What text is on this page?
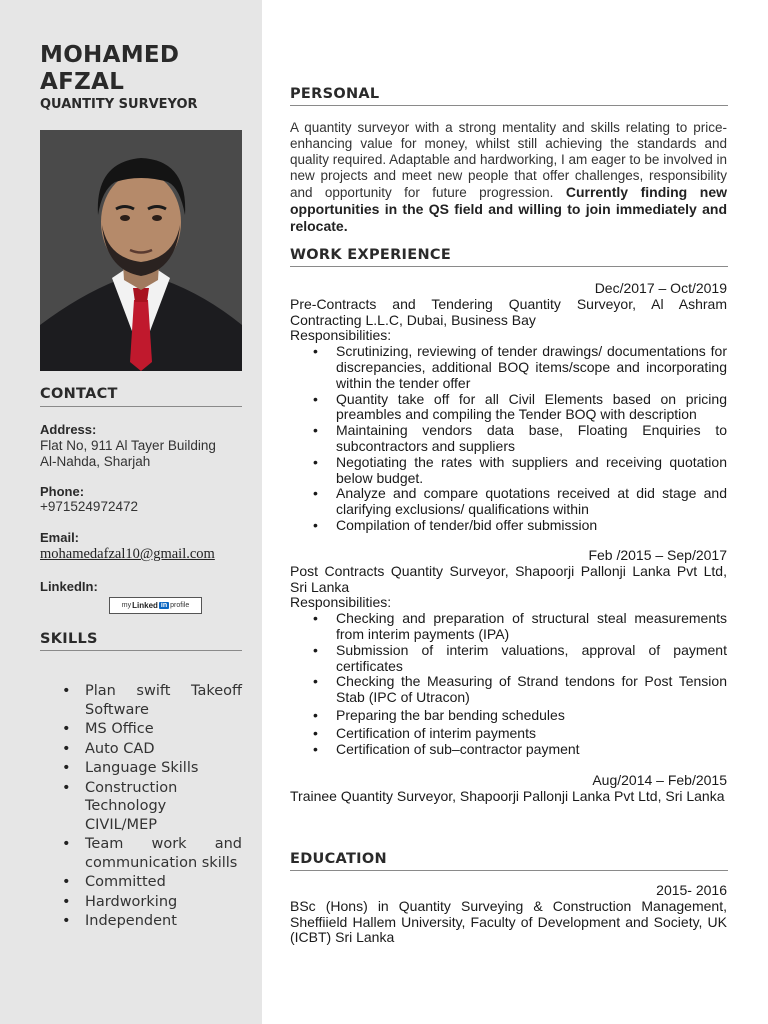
MOHAMED
AFZAL
QUANTITY SURVEYOR
CONTACT
Address:
Flat No, 911 Al Tayer Building
Al-Nahda, Sharjah
Phone:
+971524972472
Email:
mohamedafzal10@gmail.com
LinkedIn:
my Linked in profile
SKILLS
• Plan swift Takeoff Software
• MS Office
• Auto CAD
• Language Skills
• Construction Technology CIVIL/MEP
• Team work and communication skills
• Committed
• Hardworking
• Independent
PERSONAL
A quantity surveyor with a strong mentality and skills relating to price-enhancing value for money, whilst still achieving the standards and quality required. Adaptable and hardworking, I am eager to be involved in new projects and meet new people that offer challenges, responsibility and opportunity for future progression. Currently finding new opportunities in the QS field and willing to join immediately and relocate.
WORK EXPERIENCE
Dec/2017 – Oct/2019
Pre-Contracts and Tendering Quantity Surveyor, Al Ashram Contracting L.L.C, Dubai, Business Bay
Responsibilities:
• Scrutinizing, reviewing of tender drawings/ documentations for discrepancies, additional BOQ items/scope and incorporating within the tender offer
• Quantity take off for all Civil Elements based on pricing preambles and compiling the Tender BOQ with description
• Maintaining vendors data base, Floating Enquiries to subcontractors and suppliers
• Negotiating the rates with suppliers and receiving quotation below budget.
• Analyze and compare quotations received at did stage and clarifying exclusions/ qualifications within
• Compilation of tender/bid offer submission
Feb /2015 – Sep/2017
Post Contracts Quantity Surveyor, Shapoorji Pallonji Lanka Pvt Ltd, Sri Lanka
Responsibilities:
• Checking and preparation of structural steal measurements from interim payments (IPA)
• Submission of interim valuations, approval of payment certificates
• Checking the Measuring of Strand tendons for Post Tension Stab (IPC of Utracon)
• Preparing the bar bending schedules
• Certification of interim payments
• Certification of sub–contractor payment
Aug/2014 – Feb/2015
Trainee Quantity Surveyor, Shapoorji Pallonji Lanka Pvt Ltd, Sri Lanka
EDUCATION
2015- 2016
BSc (Hons) in Quantity Surveying & Construction Management, Sheffiield Hallem University, Faculty of Development and Society, UK (ICBT) Sri Lanka
